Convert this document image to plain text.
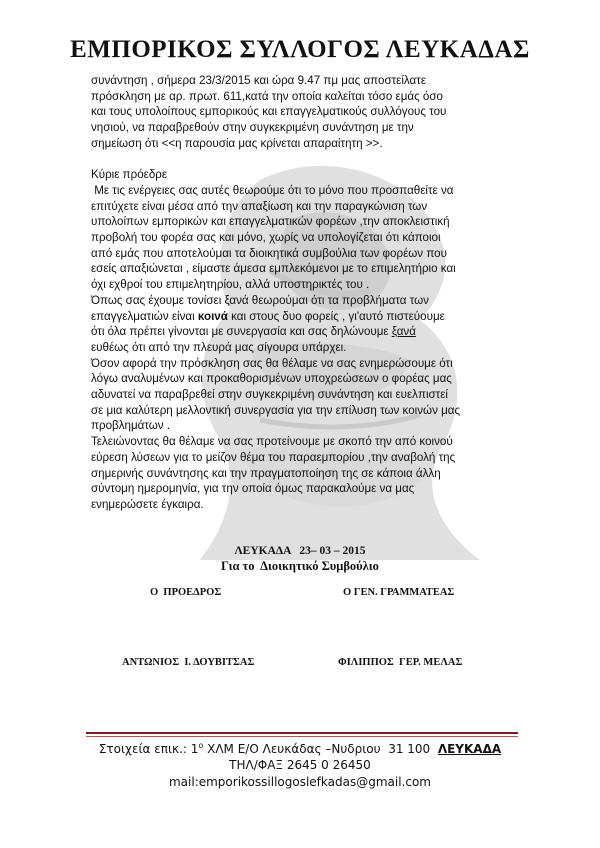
ΕΜΠΟΡΙΚΟΣ ΣΥΛΛΟΓΟΣ ΛΕΥΚΑΔΑΣ

συνάντηση , σήμερα 23/3/2015 και ώρα 9.47 πμ μας αποστείλατε

πρόσκληση με αρ. πρωτ. 611,κατά την οποία καλείται τόσο εμάς όσο

και τους υπολοίπους εμπορικούς και επαγγελματικούς συλλόγους του

νησιού, να παραβρεθούν στην συγκεκριμένη συνάντηση με την

σημείωση ότι <<η παρουσία μας κρίνεται απαραίτητη >>.

Κύριε πρόεδρε

Με τις ενέργειες σας αυτές θεωρούμε ότι το μόνο που προσπαθείτε να

επιτύχετε είναι μέσα από την απαξίωση και την παραγκώνιση των

υπολοίπων εμπορικών και επαγγελματικών φορέων ,την αποκλειστική

προβολή του φορέα σας και μόνο, χωρίς να υπολογίζεται ότι κάποιοι

από εμάς που αποτελούμαι τα διοικητικά συμβούλια των φορέων που

εσείς απαξιώνεται , είμαστε άμεσα εμπλεκόμενοι με το επιμελητήριο και

όχι εχθροί του επιμελητηρίου, αλλά υποστηρικτές του .

Όπως σας έχουμε τονίσει ξανά θεωρούμαι ότι τα προβλήματα των

επαγγελματιών είναι κοινά και στους δυο φορείς , γι'αυτό πιστεύουμε

ότι όλα πρέπει γίνονται με συνεργασία και σας δηλώνουμε ξανά

ευθέως ότι από την πλευρά μας σίγουρα υπάρχει.

Όσον αφορά την πρόσκληση σας θα θέλαμε να σας ενημερώσουμε ότι

λόγω αναλυμένων και προκαθορισμένων υποχρεώσεων ο φορέας μας

αδυνατεί να παραβρεθεί στην συγκεκριμένη συνάντηση και ευελπιστεί

σε μια καλύτερη μελλοντική συνεργασία για την επίλυση των κοινών μας

προβλημάτων .

Τελειώνοντας θα θέλαμε να σας προτείνουμε με σκοπό την από κοινού

εύρεση λύσεων για το μείζον θέμα του παραεμπορίου ,την αναβολή της

σημερινής συνάντησης και την πραγματοποίηση της σε κάποια άλλη

σύντομη ημερομηνία, για την οποία όμως παρακαλούμε να μας

ενημερώσετε έγκαιρα.

ΛΕΥΚΑΔΑ   23– 03 – 2015
Για το  Διοικητικό Συμβούλιο
Ο  ΠΡΟΕΔΡΟΣ	Ο ΓΕΝ. ΓΡΑΜΜΑΤΕΑΣ
ΑΝΤΩΝΙΟΣ  Ι. ΔΟΥΒΙΤΣΑΣ	ΦΙΛΙΠΠΟΣ  ΓΕΡ. ΜΕΛΑΣ
Στοιχεία επικ.: $1^o$ ΧΛΜ Ε/Ο Λευκάδας –Νυδριου  31 100  ΛΕΥΚΑΔΑ
ΤΗΛ/ΦΑΞ 2645 0 26450
mail:emporikossillogoslefkadas@gmail.com
